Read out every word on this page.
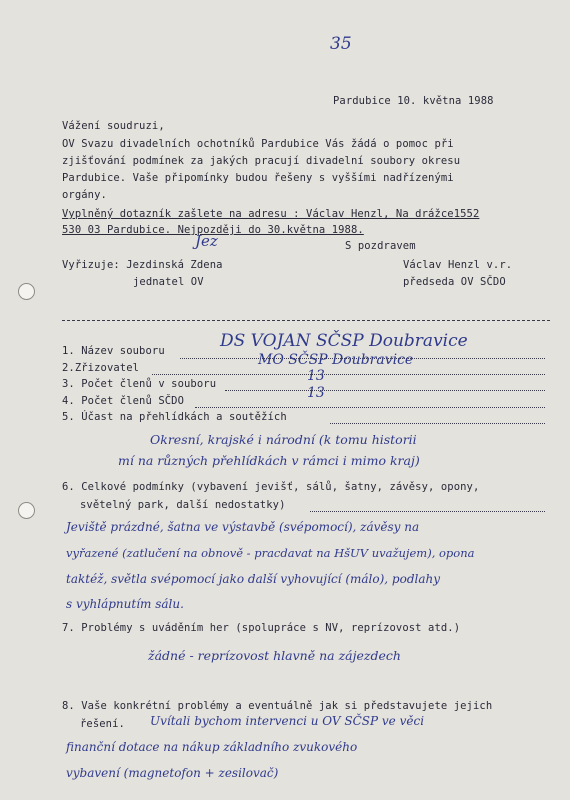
35
Pardubice 10. května 1988
Vážení soudruzi,
OV Svazu divadelních ochotníků Pardubice Vás žádá o pomoc při
zjišťování podmínek za jakých pracují divadelní soubory okresu
Pardubice. Vaše připomínky budou řešeny s vyššími nadřízenými
orgány.
Vyplněný dotazník zašlete na adresu : Václav Henzl, Na drážce1552
530 03 Pardubice. Nejpozději do 30.května 1988.
Jez	S pozdravem
Vyřizuje: Jezdinská Zdena
jednatel OV
Václav Henzl v.r.
předseda OV SČDO
1. Název souboru	DS VOJAN SČSP Doubravice
2.Zřizovatel	MO SČSP Doubravice
3. Počet členů v souboru	13
4. Počet členů SČDO	13
5. Účast na přehlídkách a soutěžích
Okresní, krajské i národní (k tomu historii
mí na různých přehlídkách v rámci i mimo kraj)
6. Celkové podmínky (vybavení jevišť, sálů, šatny, závěsy, opony,
světelný park, další nedostatky)
Jeviště prázdné, šatna ve výstavbě (svépomocí), závěsy na
vyřazené (zatlučení na obnově - pracdavat na HšUV uvažujem), opona
taktéž, světla svépomocí jako další vyhovující (málo), podlahy
s vyhlápnutím sálu.
7. Problémy s uváděním her (spolupráce s NV, reprízovost atd.)
žádné - reprízovost hlavně na zájezdech
8. Vaše konkrétní problémy a eventuálně jak si představujete jejich
řešení. Uvítali bychom intervenci u OV SČSP ve věci
finanční dotace na nákup základního zvukového
vybavení (magnetofon + zesilovač)
